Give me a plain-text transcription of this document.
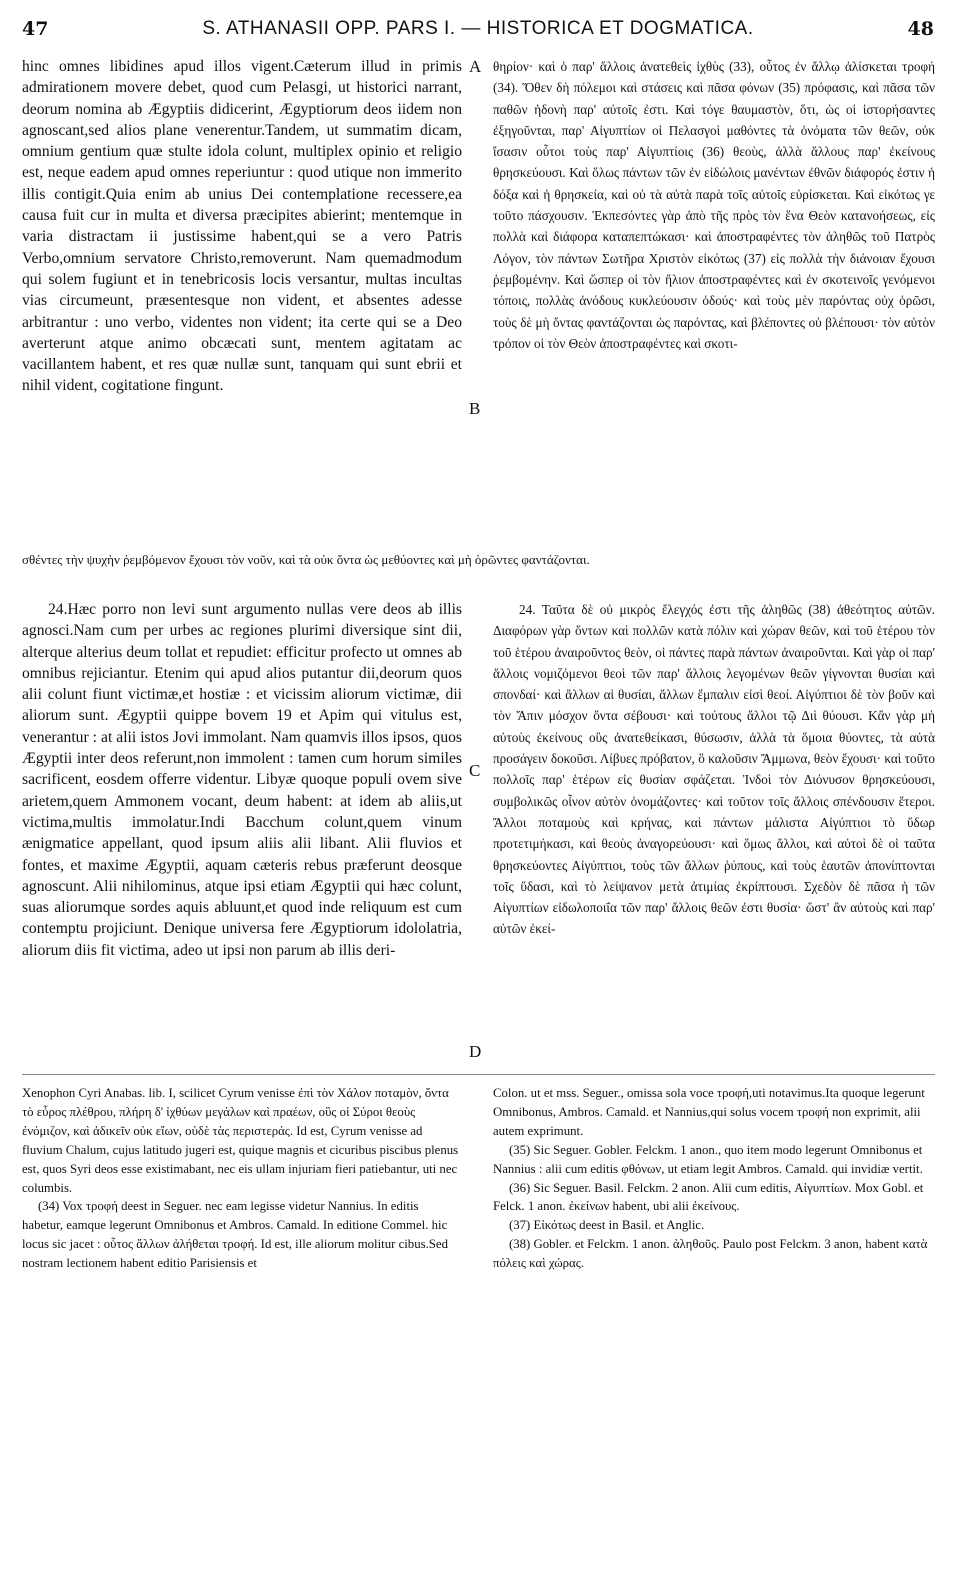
47	S. ATHANASII OPP. PARS I. — HISTORICA ET DOGMATICA.	48

hinc omnes libidines apud illos vigent.Cæterum illud in primis admirationem movere debet, quod cum Pelasgi, ut historici narrant, deorum nomina ab Ægyptiis didicerint, Ægyptiorum deos iidem non agnoscant,sed alios plane venerentur.Tandem, ut summatim dicam, omnium gentium quæ stulte idola colunt, multiplex opinio et religio est, neque eadem apud omnes reperiuntur : quod utique non immerito illis contigit.Quia enim ab unius Dei contemplatione recessere,ea causa fuit cur in multa et diversa præcipites abierint; mentemque in varia distractam ii justissime habent,qui se a vero Patris Verbo,omnium servatore Christo,removerunt. Nam quemadmodum qui solem fugiunt et in tenebricosis locis versantur, multas incultas vias circumeunt, præsentesque non vident, et absentes adesse arbitrantur : uno verbo, videntes non vident; ita certe qui se a Deo averterunt atque animo obcæcati sunt, mentem agitatam ac vacillantem habent, et res quæ nullæ sunt, tanquam qui sunt ebrii et nihil vident, cogitatione fingunt.

θηρίον· καὶ ὁ παρ' ἄλλοις ἀνατεθεὶς ἰχθὺς (33), οὗτος ἐν ἄλλῳ ἁλίσκεται τροφή (34). Ὅθεν δὴ πόλεμοι καὶ στάσεις καὶ πᾶσα φόνων (35) πρόφασις, καὶ πᾶσα τῶν παθῶν ἡδονὴ παρ' αὐτοῖς ἐστι. Καὶ τόγε θαυμαστὸν, ὅτι, ὡς οἱ ἱστορήσαντες ἐξηγοῦνται, παρ' Αἰγυπτίων οἱ Πελασγοὶ μαθόντες τὰ ὀνόματα τῶν θεῶν, οὐκ ἴσασιν οὗτοι τοὺς παρ' Αἰγυπτίοις (36) θεοὺς, ἀλλὰ ἄλλους παρ' ἐκείνους θρησκεύουσι. Καὶ ὅλως πάντων τῶν ἐν εἰδώλοις μανέντων ἐθνῶν διάφορός ἐστιν ἡ δόξα καὶ ἡ θρησκεία, καὶ οὐ τὰ αὐτὰ παρὰ τοῖς αὐτοῖς εὑρίσκεται. Καὶ εἰκότως γε τοῦτο πάσχουσιν. Ἐκπεσόντες γὰρ ἀπὸ τῆς πρὸς τὸν ἕνα Θεὸν κατανοήσεως, εἰς πολλὰ καὶ διάφορα καταπεπτώκασι· καὶ ἀποστραφέντες τὸν ἀληθῶς τοῦ Πατρὸς Λόγον, τὸν πάντων Σωτῆρα Χριστὸν εἰκότως (37) εἰς πολλὰ τὴν διάνοιαν ἔχουσι ῥεμβομένην. Καὶ ὥσπερ οἱ τὸν ἥλιον ἀποστραφέντες καὶ ἐν σκοτεινοῖς γενόμενοι τόποις, πολλὰς ἀνόδους κυκλεύουσιν ὁδούς· καὶ τοὺς μὲν παρόντας οὐχ ὁρῶσι, τοὺς δὲ μὴ ὄντας φαντάζονται ὡς παρόντας, καὶ βλέποντες οὐ βλέπουσι· τὸν αὐτὸν τρόπον οἱ τὸν Θεὸν ἀποστραφέντες καὶ σκοτι-

A
B
C
D
σθέντες τὴν ψυχὴν ῥεμβόμενον ἔχουσι τὸν νοῦν, καὶ τὰ οὐκ ὄντα ὡς μεθύοντες καὶ μὴ ὁρῶντες φαντάζονται.

24.Hæc porro non levi sunt argumento nullas vere deos ab illis agnosci.Nam cum per urbes ac regiones plurimi diversique sint dii, alterque alterius deum tollat et repudiet: efficitur profecto ut omnes ab omnibus rejiciantur. Etenim qui apud alios putantur dii,deorum quos alii colunt fiunt victimæ,et hostiæ : et vicissim aliorum victimæ, dii aliorum sunt. Ægyptii quippe bovem 19 et Apim qui vitulus est, venerantur : at alii istos Jovi immolant. Nam quamvis illos ipsos, quos Ægyptii inter deos referunt,non immolent : tamen cum horum similes sacrificent, eosdem offerre videntur. Libyæ quoque populi ovem sive arietem,quem Ammonem vocant, deum habent: at idem ab aliis,ut victima,multis immolatur.Indi Bacchum colunt,quem vinum ænigmatice appellant, quod ipsum aliis alii libant. Alii fluvios et fontes, et maxime Ægyptii, aquam cæteris rebus præferunt deosque agnoscunt. Alii nihilominus, atque ipsi etiam Ægyptii qui hæc colunt, suas aliorumque sordes aquis abluunt,et quod inde reliquum est cum contemptu projiciunt. Denique universa fere Ægyptiorum idololatria, aliorum diis fit victima, adeo ut ipsi non parum ab illis deri-

24. Ταῦτα δὲ οὐ μικρὸς ἔλεγχός ἐστι τῆς ἀληθῶς (38) ἀθεότητος αὐτῶν. Διαφόρων γὰρ ὄντων καὶ πολλῶν κατὰ πόλιν καὶ χώραν θεῶν, καὶ τοῦ ἑτέρου τὸν τοῦ ἑτέρου ἀναιροῦντος θεὸν, οἱ πάντες παρὰ πάντων ἀναιροῦνται. Καὶ γὰρ οἱ παρ' ἄλλοις νομιζόμενοι θεοὶ τῶν παρ' ἄλλοις λεγομένων θεῶν γίγνονται θυσίαι καὶ σπονδαί· καὶ ἄλλων αἱ θυσίαι, ἄλλων ἔμπαλιν εἰσὶ θεοί. Αἰγύπτιοι δὲ τὸν βοῦν καὶ τὸν Ἄπιν μόσχον ὄντα σέβουσι· καὶ τούτους ἄλλοι τῷ Διὶ θύουσι. Κἂν γὰρ μὴ αὐτοὺς ἐκείνους οὓς ἀνατεθείκασι, θύσωσιν, ἀλλὰ τὰ ὅμοια θύοντες, τὰ αὐτὰ προσάγειν δοκοῦσι. Λίβυες πρόβατον, ὃ καλοῦσιν Ἄμμωνα, θεὸν ἔχουσι· καὶ τοῦτο πολλοῖς παρ' ἑτέρων εἰς θυσίαν σφάζεται. Ἰνδοὶ τὸν Διόνυσον θρησκεύουσι, συμβολικῶς οἶνον αὐτὸν ὀνομάζοντες· καὶ τοῦτον τοῖς ἄλλοις σπένδουσιν ἕτεροι. Ἄλλοι ποταμοὺς καὶ κρήνας, καὶ πάντων μάλιστα Αἰγύπτιοι τὸ ὕδωρ προτετιμήκασι, καὶ θεοὺς ἀναγορεύουσι· καὶ ὅμως ἄλλοι, καὶ αὐτοὶ δὲ οἱ ταῦτα θρησκεύοντες Αἰγύπτιοι, τοὺς τῶν ἄλλων ῥύπους, καὶ τοὺς ἑαυτῶν ἀπονίπτονται τοῖς ὕδασι, καὶ τὸ λείψανον μετὰ ἀτιμίας ἐκρίπτουσι. Σχεδὸν δὲ πᾶσα ἡ τῶν Αἰγυπτίων εἰδωλοποιΐα τῶν παρ' ἄλλοις θεῶν ἐστι θυσία· ὥστ' ἂν αὐτοὺς καὶ παρ' αὐτῶν ἐκεί-

Xenophon Cyri Anabas. lib. I, scilicet Cyrum venisse ἐπὶ τὸν Χάλον ποταμὸν, ὄντα τὸ εὖρος πλέθρου, πλήρη δ' ἰχθύων μεγάλων καὶ πραέων, οὓς οἱ Σύροι θεοὺς ἐνόμιζον, καὶ ἀδικεῖν οὐκ εἴων, οὐδὲ τὰς περιστεράς. Id est, Cyrum venisse ad fluvium Chalum, cujus latitudo jugeri est, quique magnis et cicuribus piscibus plenus est, quos Syri deos esse existimabant, nec eis ullam injuriam fieri patiebantur, uti nec columbis.

(34) Vox τροφή deest in Seguer. nec eam legisse videtur Nannius. In editis habetur, eamque legerunt Omnibonus et Ambros. Camald. In editione Commel. hic locus sic jacet : οὗτος ἄλλων ἀλήθεται τροφή. Id est, ille aliorum molitur cibus.Sed nostram lectionem habent editio Parisiensis et

Colon. ut et mss. Seguer., omissa sola voce τροφή,uti notavimus.Ita quoque legerunt Omnibonus, Ambros. Camald. et Nannius,qui solus vocem τροφή non exprimit, alii autem exprimunt.

(35) Sic Seguer. Gobler. Felckm. 1 anon., quo item modo legerunt Omnibonus et Nannius : alii cum editis φθόνων, ut etiam legit Ambros. Camald. qui invidiæ vertit.

(36) Sic Seguer. Basil. Felckm. 2 anon. Alii cum editis, Αἰγυπτίων. Mox Gobl. et Felck. 1 anon. ἐκείνων habent, ubi alii ἐκείνους.

(37) Εἰκότως deest in Basil. et Anglic.

(38) Gobler. et Felckm. 1 anon. ἀληθοῦς. Paulo post Felckm. 3 anon, habent κατὰ πόλεις καὶ χώρας.
